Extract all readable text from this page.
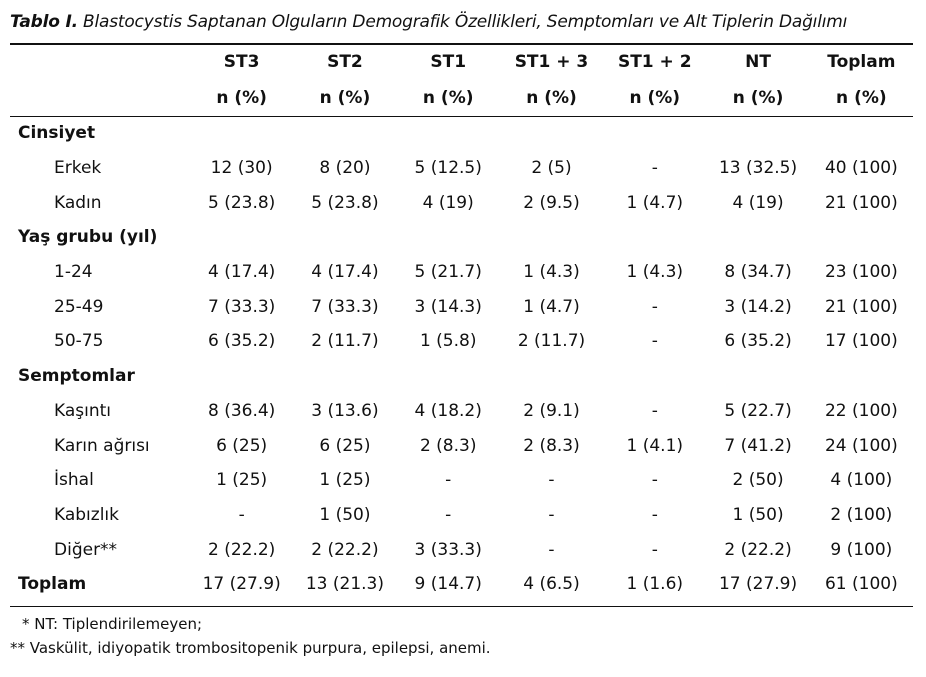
Tablo I. Blastocystis Saptanan Olguların Demografik Özellikleri, Semptomları ve Alt Tiplerin Dağılımı
	ST3	ST2	ST1	ST1 + 3	ST1 + 2	NT	Toplam
	n (%)	n (%)	n (%)	n (%)	n (%)	n (%)	n (%)
Cinsiyet							
Erkek	12 (30)	8 (20)	5 (12.5)	2 (5)	-	13 (32.5)	40 (100)
Kadın	5 (23.8)	5 (23.8)	4 (19)	2 (9.5)	1 (4.7)	4 (19)	21 (100)
Yaş grubu (yıl)							
1-24	4 (17.4)	4 (17.4)	5 (21.7)	1 (4.3)	1 (4.3)	8 (34.7)	23 (100)
25-49	7 (33.3)	7 (33.3)	3 (14.3)	1 (4.7)	-	3 (14.2)	21 (100)
50-75	6 (35.2)	2 (11.7)	1 (5.8)	2 (11.7)	-	6 (35.2)	17 (100)
Semptomlar							
Kaşıntı	8 (36.4)	3 (13.6)	4 (18.2)	2 (9.1)	-	5 (22.7)	22 (100)
Karın ağrısı	6 (25)	6 (25)	2 (8.3)	2 (8.3)	1 (4.1)	7 (41.2)	24 (100)
İshal	1 (25)	1 (25)	-	-	-	2 (50)	4 (100)
Kabızlık	-	1 (50)	-	-	-	1 (50)	2 (100)
Diğer**	2 (22.2)	2 (22.2)	3 (33.3)	-	-	2 (22.2)	9 (100)
Toplam	17 (27.9)	13 (21.3)	9 (14.7)	4 (6.5)	1 (1.6)	17 (27.9)	61 (100)
* NT: Tiplendirilemeyen;
** Vaskülit, idiyopatik trombositopenik purpura, epilepsi, anemi.
